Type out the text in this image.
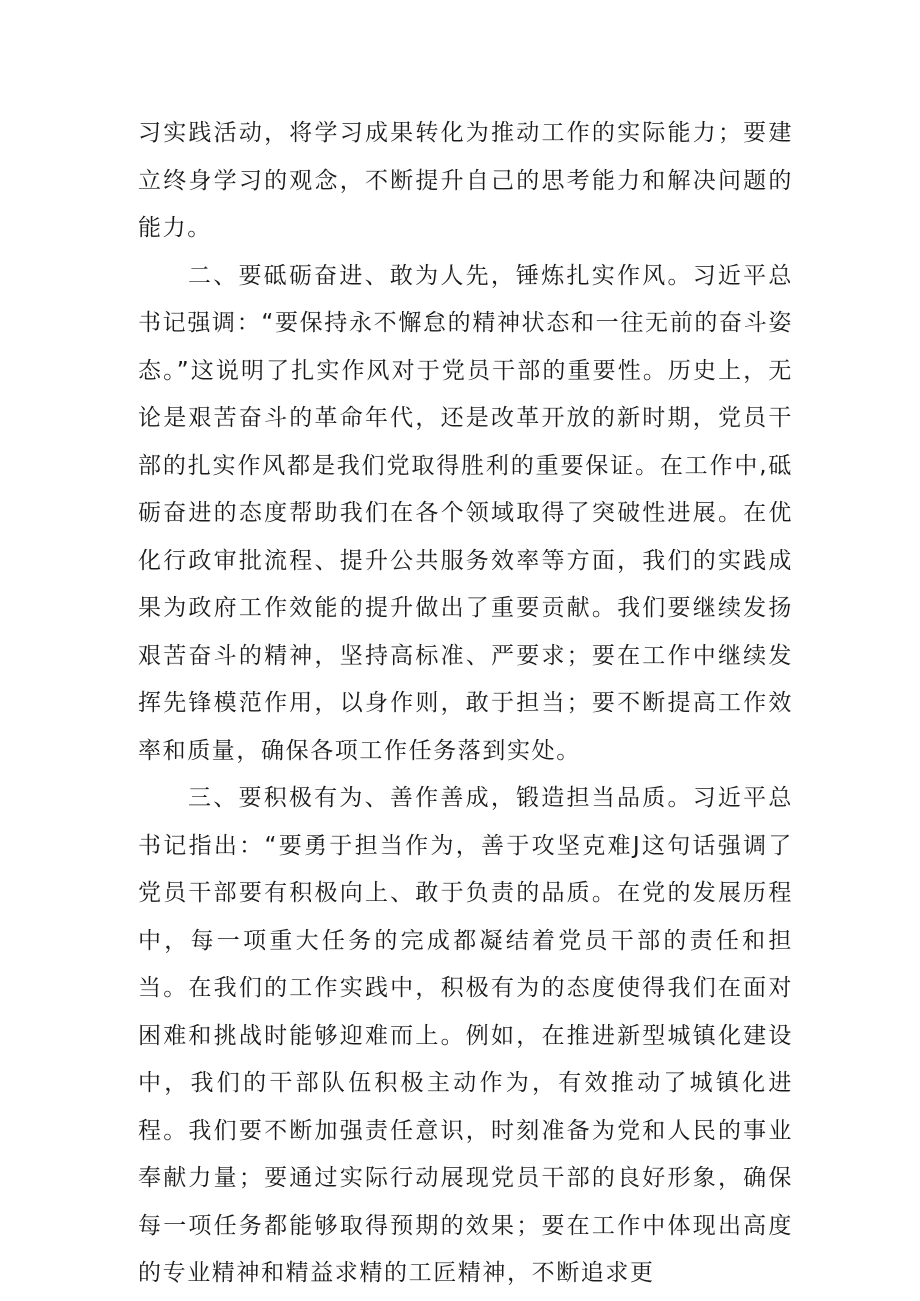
习实践活动，将学习成果转化为推动工作的实际能力；要建立终身学习的观念，不断提升自己的思考能力和解决问题的能力。

二、要砥砺奋进、敢为人先，锤炼扎实作风。习近平总书记强调：“要保持永不懈怠的精神状态和一往无前的奋斗姿态。”这说明了扎实作风对于党员干部的重要性。历史上，无论是艰苦奋斗的革命年代，还是改革开放的新时期，党员干部的扎实作风都是我们党取得胜利的重要保证。在工作中,砥砺奋进的态度帮助我们在各个领域取得了突破性进展。在优化行政审批流程、提升公共服务效率等方面，我们的实践成果为政府工作效能的提升做出了重要贡献。我们要继续发扬艰苦奋斗的精神，坚持高标准、严要求；要在工作中继续发挥先锋模范作用，以身作则，敢于担当；要不断提高工作效率和质量，确保各项工作任务落到实处。

三、要积极有为、善作善成，锻造担当品质。习近平总书记指出：“要勇于担当作为，善于攻坚克难J这句话强调了党员干部要有积极向上、敢于负责的品质。在党的发展历程中，每一项重大任务的完成都凝结着党员干部的责任和担当。在我们的工作实践中，积极有为的态度使得我们在面对困难和挑战时能够迎难而上。例如，在推进新型城镇化建设中，我们的干部队伍积极主动作为，有效推动了城镇化进程。我们要不断加强责任意识，时刻准备为党和人民的事业奉献力量；要通过实际行动展现党员干部的良好形象，确保每一项任务都能够取得预期的效果；要在工作中体现出高度的专业精神和精益求精的工匠精神，不断追求更
